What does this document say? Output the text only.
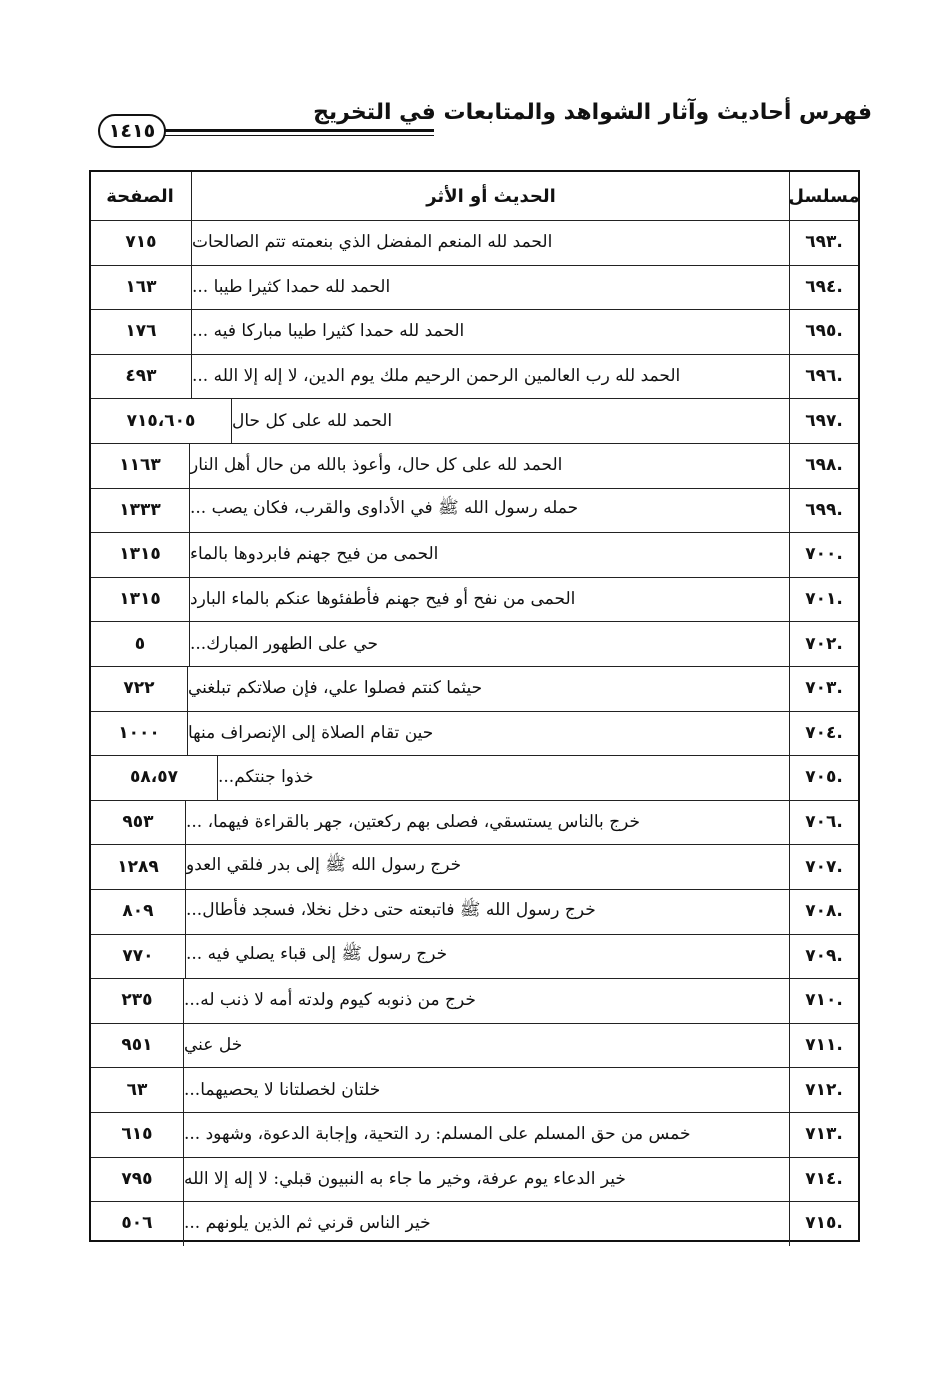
فهرس أحاديث وآثار الشواهد والمتابعات في التخريج
١٤١٥
الصفحة	الحديث أو الأثر	مسلسل
٧١٥	الحمد لله المنعم المفضل الذي بنعمته تتم الصالحات	٦٩٣.
١٦٣	الحمد لله حمدا كثيرا طيبا ...	٦٩٤.
١٧٦	الحمد لله حمدا كثيرا طيبا مباركا فيه ...	٦٩٥.
٤٩٣	الحمد لله رب العالمين الرحمن الرحيم ملك يوم الدين، لا إله إلا الله ...	٦٩٦.
٧١٥،٦٠٥	الحمد لله على كل حال	٦٩٧.
١١٦٣	الحمد لله على كل حال، وأعوذ بالله من حال أهل النار	٦٩٨.
١٣٣٣	حمله رسول الله ﷺ في الأداوى والقرب، فكان يصب ...	٦٩٩.
١٣١٥	الحمى من فيح جهنم فابردوها بالماء	٧٠٠.
١٣١٥	الحمى من نفح أو فيح جهنم فأطفئوها عنكم بالماء البارد	٧٠١.
٥	حي على الطهور المبارك...	٧٠٢.
٧٢٢	حيثما كنتم فصلوا علي، فإن صلاتكم تبلغني	٧٠٣.
١٠٠٠	حين تقام الصلاة إلى الإنصراف منها	٧٠٤.
٥٨،٥٧	خذوا جنتكم...	٧٠٥.
٩٥٣	خرج بالناس يستسقي، فصلى بهم ركعتين، جهر بالقراءة فيهما، ...	٧٠٦.
١٢٨٩	خرج رسول الله ﷺ إلى بدر فلقي العدو	٧٠٧.
٨٠٩	خرج رسول الله ﷺ فاتبعته حتى دخل نخلا، فسجد فأطال...	٧٠٨.
٧٧٠	خرج رسول ﷺ إلى قباء يصلي فيه ...	٧٠٩.
٢٣٥	خرج من ذنوبه كيوم ولدته أمه لا ذنب له...	٧١٠.
٩٥١	خل عني	٧١١.
٦٣	خلتان لخصلتانا لا يحصيهما...	٧١٢.
٦١٥	خمس من حق المسلم على المسلم: رد التحية، وإجابة الدعوة، وشهود ...	٧١٣.
٧٩٥	خير الدعاء يوم عرفة، وخير ما جاء به النبيون قبلي: لا إله إلا الله	٧١٤.
٥٠٦	خير الناس قرني ثم الذين يلونهم ...	٧١٥.
